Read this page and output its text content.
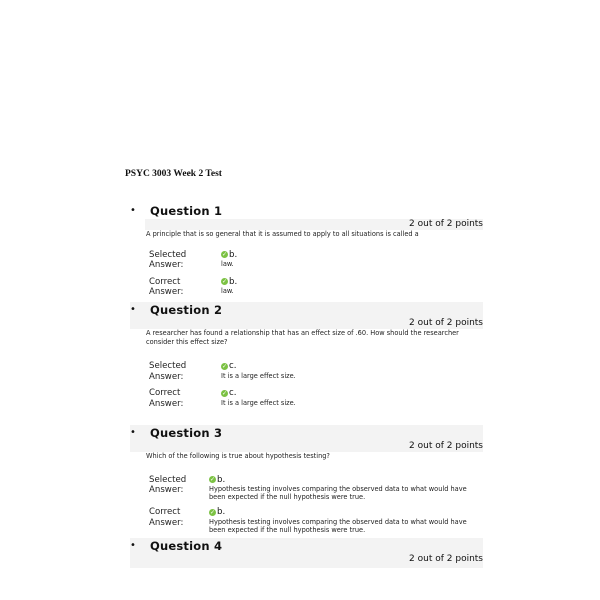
PSYC 3003 Week 2 Test
• Question 1
2 out of 2 points
A principle that is so general that it is assumed to apply to all situations is called a
Selected
Answer:
✓ b.
law.
Correct
Answer:
✓ b.
law.
• Question 2
2 out of 2 points
A researcher has found a relationship that has an effect size of .60. How should the researcher consider this effect size?
Selected
Answer:
✓ c.
It is a large effect size.
Correct
Answer:
✓ c.
It is a large effect size.
• Question 3
2 out of 2 points
Which of the following is true about hypothesis testing?
Selected
Answer:
✓ b.
Hypothesis testing involves comparing the observed data to what would have been expected if the null hypothesis were true.
Correct
Answer:
✓ b.
Hypothesis testing involves comparing the observed data to what would have been expected if the null hypothesis were true.
• Question 4
2 out of 2 points
